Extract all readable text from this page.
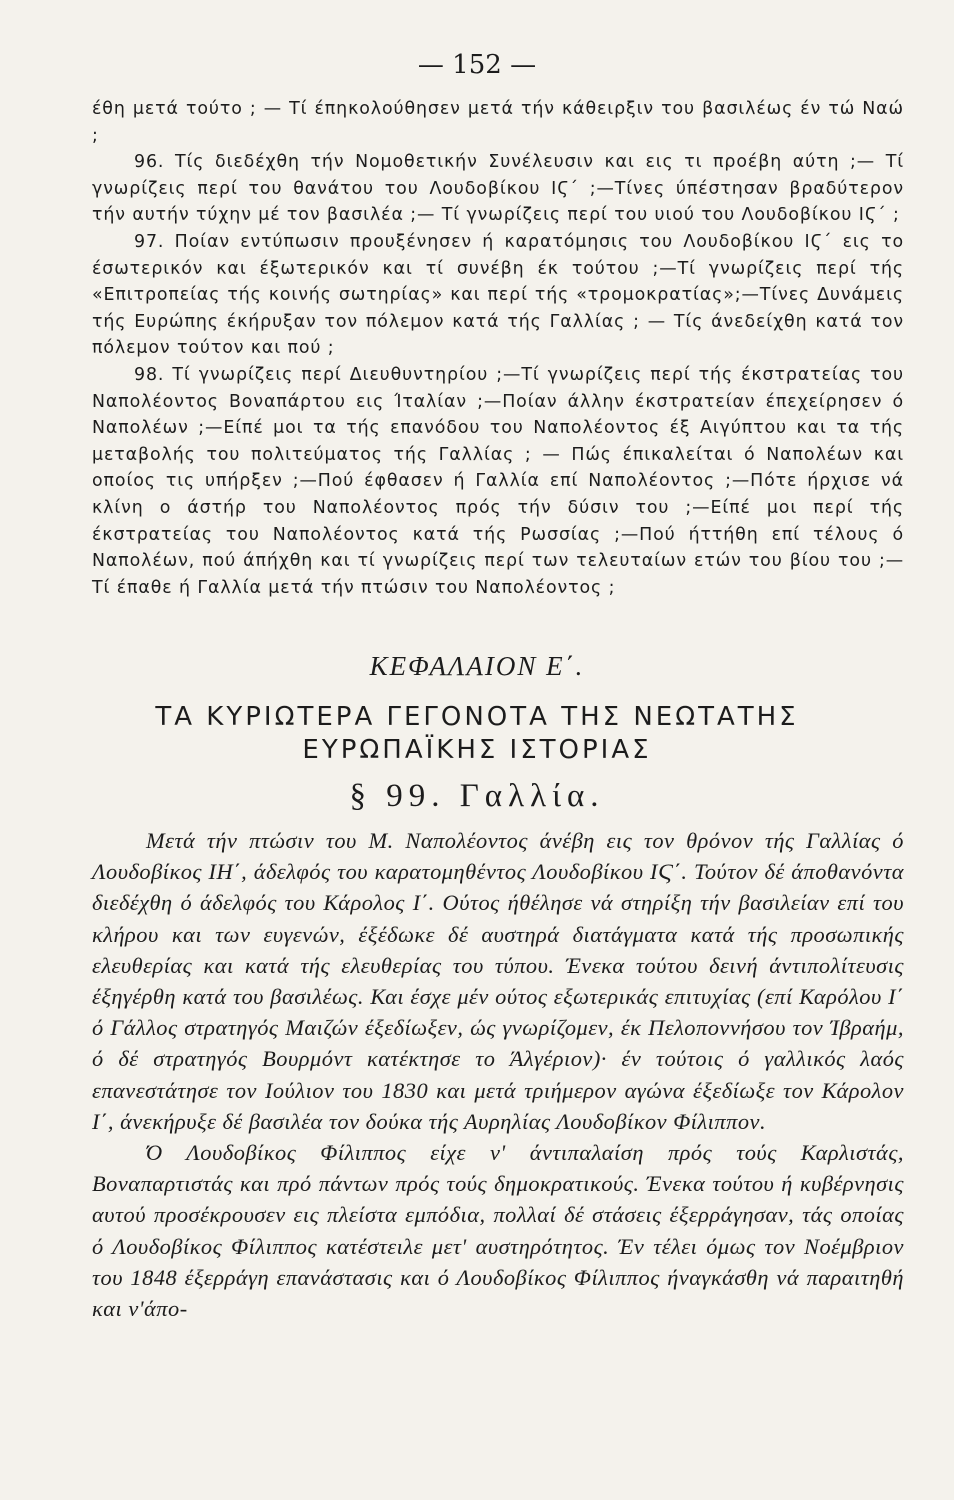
— 152 —

έθη μετά τούτο ; — Τί έπηκολούθησεν μετά τήν κάθειρξιν του βασιλέως έν τώ Ναώ ;

96. Τίς διεδέχθη τήν Νομοθετικήν Συνέλευσιν και εις τι προέβη αύτη ;— Τί γνωρίζεις περί του θανάτου του Λουδοβίκου ΙϚ΄ ;—Τίνες ύπέστησαν βραδύτερον τήν αυτήν τύχην μέ τον βασιλέα ;— Τί γνωρίζεις περί του υιού του Λουδοβίκου ΙϚ΄ ;

97. Ποίαν εντύπωσιν προυξένησεν ή καρατόμησις του Λουδοβίκου ΙϚ΄ εις το έσωτερικόν και έξωτερικόν και τί συνέβη έκ τούτου ;—Τί γνωρίζεις περί τής «Επιτροπείας τής κοινής σωτηρίας» και περί τής «τρομοκρατίας»;—Τίνες Δυνάμεις τής Ευρώπης έκήρυξαν τον πόλεμον κατά τής Γαλλίας ; — Τίς άνεδείχθη κατά τον πόλεμον τούτον και πού ;

98. Τί γνωρίζεις περί Διευθυντηρίου ;—Τί γνωρίζεις περί τής έκστρατείας του Ναπολέοντος Βοναπάρτου εις Ίταλίαν ;—Ποίαν άλλην έκστρατείαν έπεχείρησεν ό Ναπολέων ;—Είπέ μοι τα τής επανόδου του Ναπολέοντος έξ Αιγύπτου και τα τής μεταβολής του πολιτεύματος τής Γαλλίας ; — Πώς έπικαλείται ό Ναπολέων και οποίος τις υπήρξεν ;—Πού έφθασεν ή Γαλλία επί Ναπολέοντος ;—Πότε ήρχισε νά κλίνη ο άστήρ του Ναπολέοντος πρός τήν δύσιν του ;—Είπέ μοι περί τής έκστρατείας του Ναπολέοντος κατά τής Ρωσσίας ;—Πού ήττήθη επί τέλους ό Ναπολέων, πού άπήχθη και τί γνωρίζεις περί των τελευταίων ετών του βίου του ;—Τί έπαθε ή Γαλλία μετά τήν πτώσιν του Ναπολέοντος ;

ΚΕΦΑΛΑΙΟΝ Ε΄.
ΤΑ ΚΥΡΙΩΤΕΡΑ ΓΕΓΟΝΟΤΑ ΤΗΣ ΝΕΩΤΑΤΗΣ
ΕΥΡΩΠΑΪΚΗΣ ΙΣΤΟΡΙΑΣ
§ 99. Γαλλία.

Μετά τήν πτώσιν του Μ. Ναπολέοντος άνέβη εις τον θρόνον τής Γαλλίας ό Λουδοβίκος ΙΗ΄, άδελφός του καρατομηθέντος Λουδοβίκου ΙϚ΄. Τούτον δέ άποθανόντα διεδέχθη ό άδελφός του Κάρολος Ι΄. Ούτος ήθέλησε νά στηρίξη τήν βασιλείαν επί του κλήρου και των ευγενών, έξέδωκε δέ αυστηρά διατάγματα κατά τής προσωπικής ελευθερίας και κατά τής ελευθερίας του τύπου. Ένεκα τούτου δεινή άντιπολίτευσις έξηγέρθη κατά του βασιλέως. Και έσχε μέν ούτος εξωτερικάς επιτυχίας (επί Καρόλου Ι΄ ό Γάλλος στρατηγός Μαιζών έξεδίωξεν, ώς γνωρίζομεν, έκ Πελοποννήσου τον Ίβραήμ, ό δέ στρατηγός Βουρμόντ κατέκτησε το Άλγέριον)· έν τούτοις ό γαλλικός λαός επανεστάτησε τον Ιούλιον του 1830 και μετά τριήμερον αγώνα έξεδίωξε τον Κάρολον Ι΄, άνεκήρυξε δέ βασιλέα τον δούκα τής Αυρηλίας Λουδοβίκον Φίλιππον.

Ό Λουδοβίκος Φίλιππος είχε ν' άντιπαλαίση πρός τούς Καρλιστάς, Βοναπαρτιστάς και πρό πάντων πρός τούς δημοκρατικούς. Ένεκα τούτου ή κυβέρνησις αυτού προσέκρουσεν εις πλείστα εμπόδια, πολλαί δέ στάσεις έξερράγησαν, τάς οποίας ό Λουδοβίκος Φίλιππος κατέστειλε μετ' αυστηρότητος. Έν τέλει όμως τον Νοέμβριον του 1848 έξερράγη επανάστασις και ό Λουδοβίκος Φίλιππος ήναγκάσθη νά παραιτηθή και ν'άπο-
